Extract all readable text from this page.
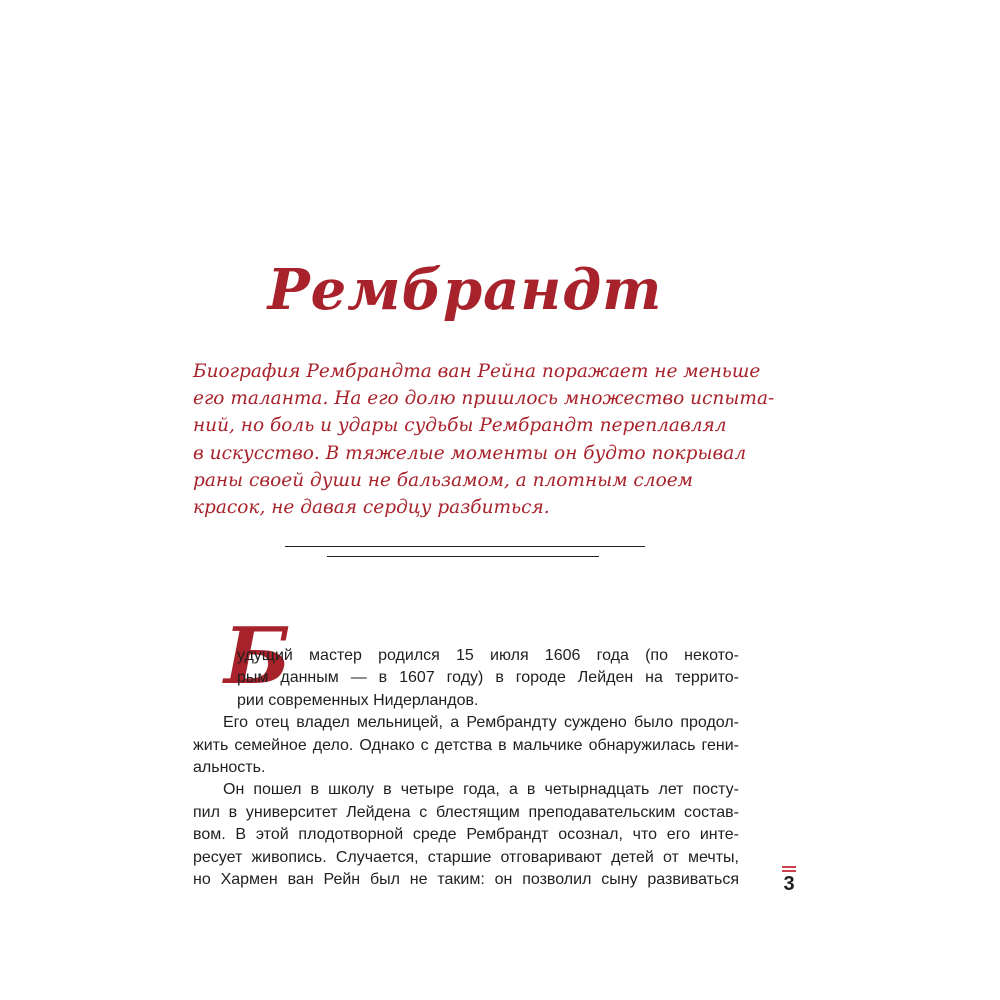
Рембрандт
Биография Рембрандта ван Рейна поражает не меньше
его таланта. На его долю пришлось множество испыта-
ний, но боль и удары судьбы Рембрандт переплавлял
в искусство. В тяжелые моменты он будто покрывал
раны своей души не бальзамом, а плотным слоем
красок, не давая сердцу разбиться.
Б
удущий мастер родился 15 июля 1606 года (по некото-
рым данным — в 1607 году) в городе Лейден на террито-
рии современных Нидерландов.
Его отец владел мельницей, а Рембрандту суждено было продол-
жить семейное дело. Однако с детства в мальчике обнаружилась гени-
альность.
Он пошел в школу в четыре года, а в четырнадцать лет посту-
пил в университет Лейдена с блестящим преподавательским состав-
вом. В этой плодотворной среде Рембрандт осознал, что его инте-
ресует живопись. Случается, старшие отговаривают детей от мечты,
но Хармен ван Рейн был не таким: он позволил сыну развиваться 3
